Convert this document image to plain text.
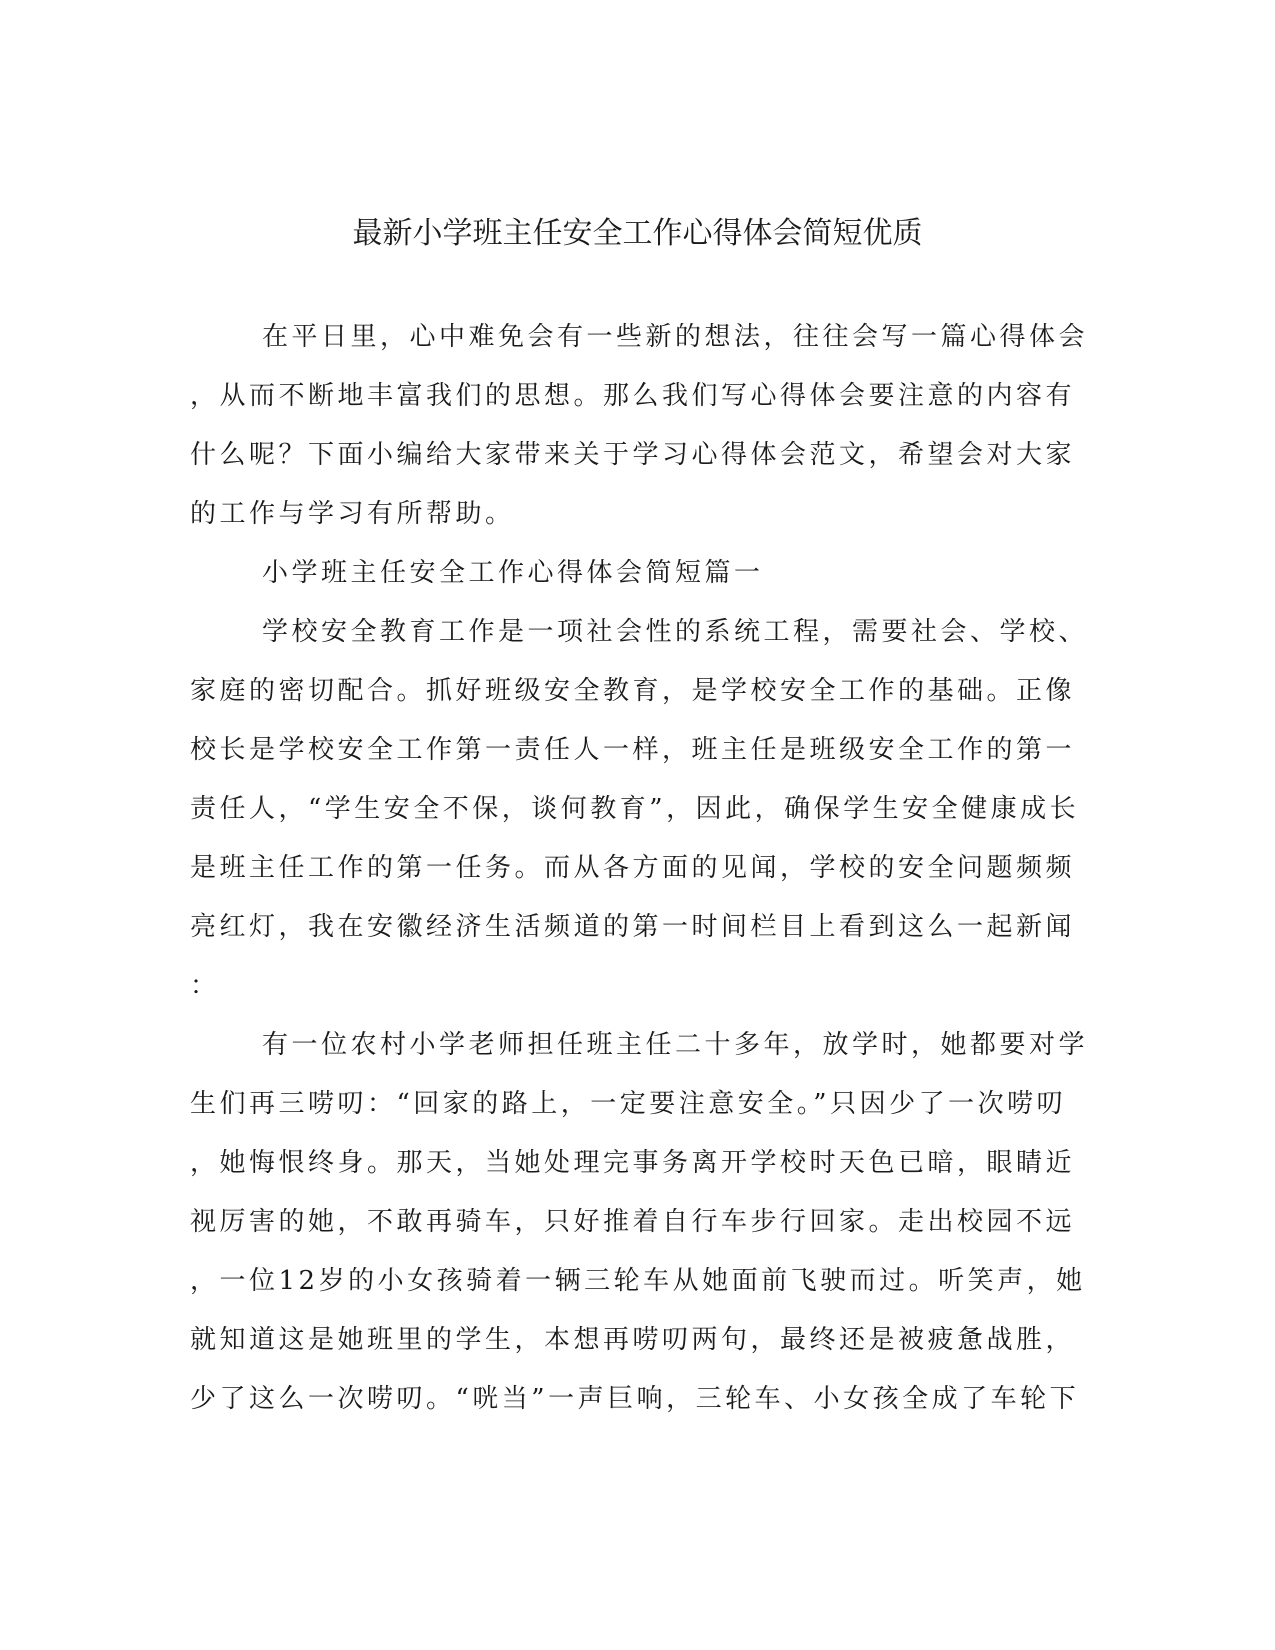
最新小学班主任安全工作心得体会简短优质
在平日里，心中难免会有一些新的想法，往往会写一篇心得体会
，从而不断地丰富我们的思想。那么我们写心得体会要注意的内容有
什么呢？下面小编给大家带来关于学习心得体会范文，希望会对大家
的工作与学习有所帮助。
小学班主任安全工作心得体会简短篇一
学校安全教育工作是一项社会性的系统工程，需要社会、学校、
家庭的密切配合。抓好班级安全教育，是学校安全工作的基础。正像
校长是学校安全工作第一责任人一样，班主任是班级安全工作的第一
责任人，“学生安全不保，谈何教育”，因此，确保学生安全健康成长
是班主任工作的第一任务。而从各方面的见闻，学校的安全问题频频
亮红灯，我在安徽经济生活频道的第一时间栏目上看到这么一起新闻
：
有一位农村小学老师担任班主任二十多年，放学时，她都要对学
生们再三唠叨：“回家的路上，一定要注意安全。”只因少了一次唠叨
，她悔恨终身。那天，当她处理完事务离开学校时天色已暗，眼睛近
视厉害的她，不敢再骑车，只好推着自行车步行回家。走出校园不远
，一位12岁的小女孩骑着一辆三轮车从她面前飞驶而过。听笑声，她
就知道这是她班里的学生，本想再唠叨两句，最终还是被疲惫战胜，
少了这么一次唠叨。“咣当”一声巨响，三轮车、小女孩全成了车轮下
